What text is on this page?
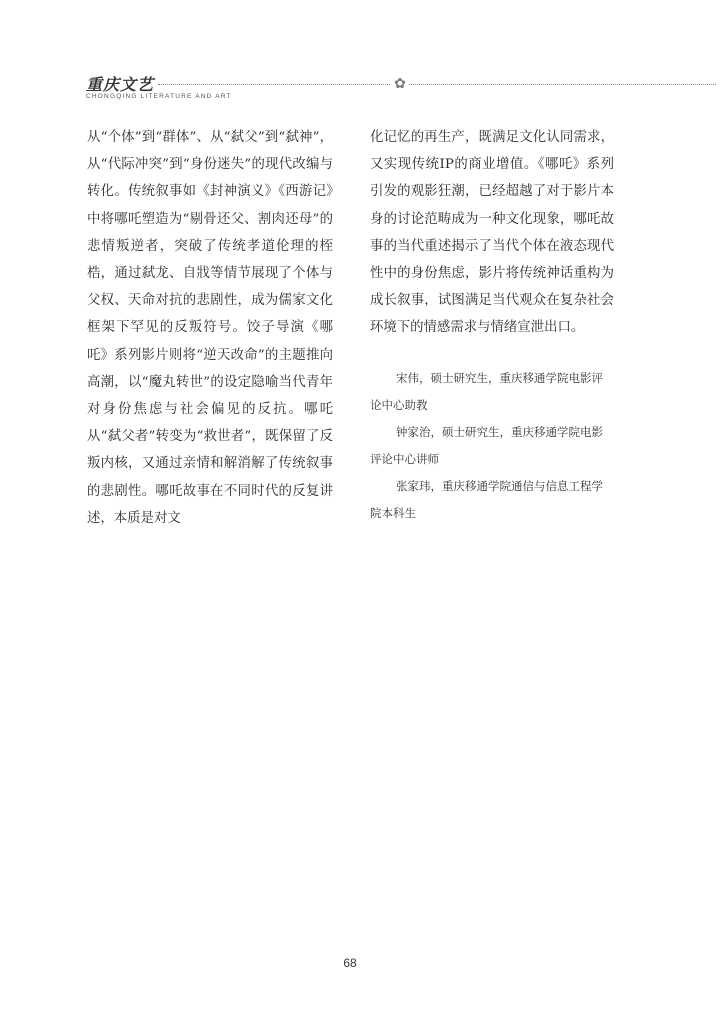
重庆文艺
CHONGQING LITERATURE AND ART
✿

从“个体”到“群体”、从“弑父”到“弑神”，从“代际冲突”到“身份迷失”的现代改编与转化。传统叙事如《封神演义》《西游记》中将哪吒塑造为“剔骨还父、割肉还母”的悲情叛逆者，突破了传统孝道伦理的桎梏，通过弑龙、自戕等情节展现了个体与父权、天命对抗的悲剧性，成为儒家文化框架下罕见的反叛符号。饺子导演《哪吒》系列影片则将“逆天改命”的主题推向高潮，以“魔丸转世”的设定隐喻当代青年对身份焦虑与社会偏见的反抗。哪吒从“弑父者”转变为“救世者”，既保留了反叛内核，又通过亲情和解消解了传统叙事的悲剧性。哪吒故事在不同时代的反复讲述，本质是对文

化记忆的再生产，既满足文化认同需求，又实现传统IP的商业增值。《哪吒》系列引发的观影狂潮，已经超越了对于影片本身的讨论范畴成为一种文化现象，哪吒故事的当代重述揭示了当代个体在液态现代性中的身份焦虑，影片将传统神话重构为成长叙事，试图满足当代观众在复杂社会环境下的情感需求与情绪宣泄出口。

宋伟，硕士研究生，重庆移通学院电影评论中心助教

钟家治，硕士研究生，重庆移通学院电影评论中心讲师

张家玮，重庆移通学院通信与信息工程学院本科生

68
